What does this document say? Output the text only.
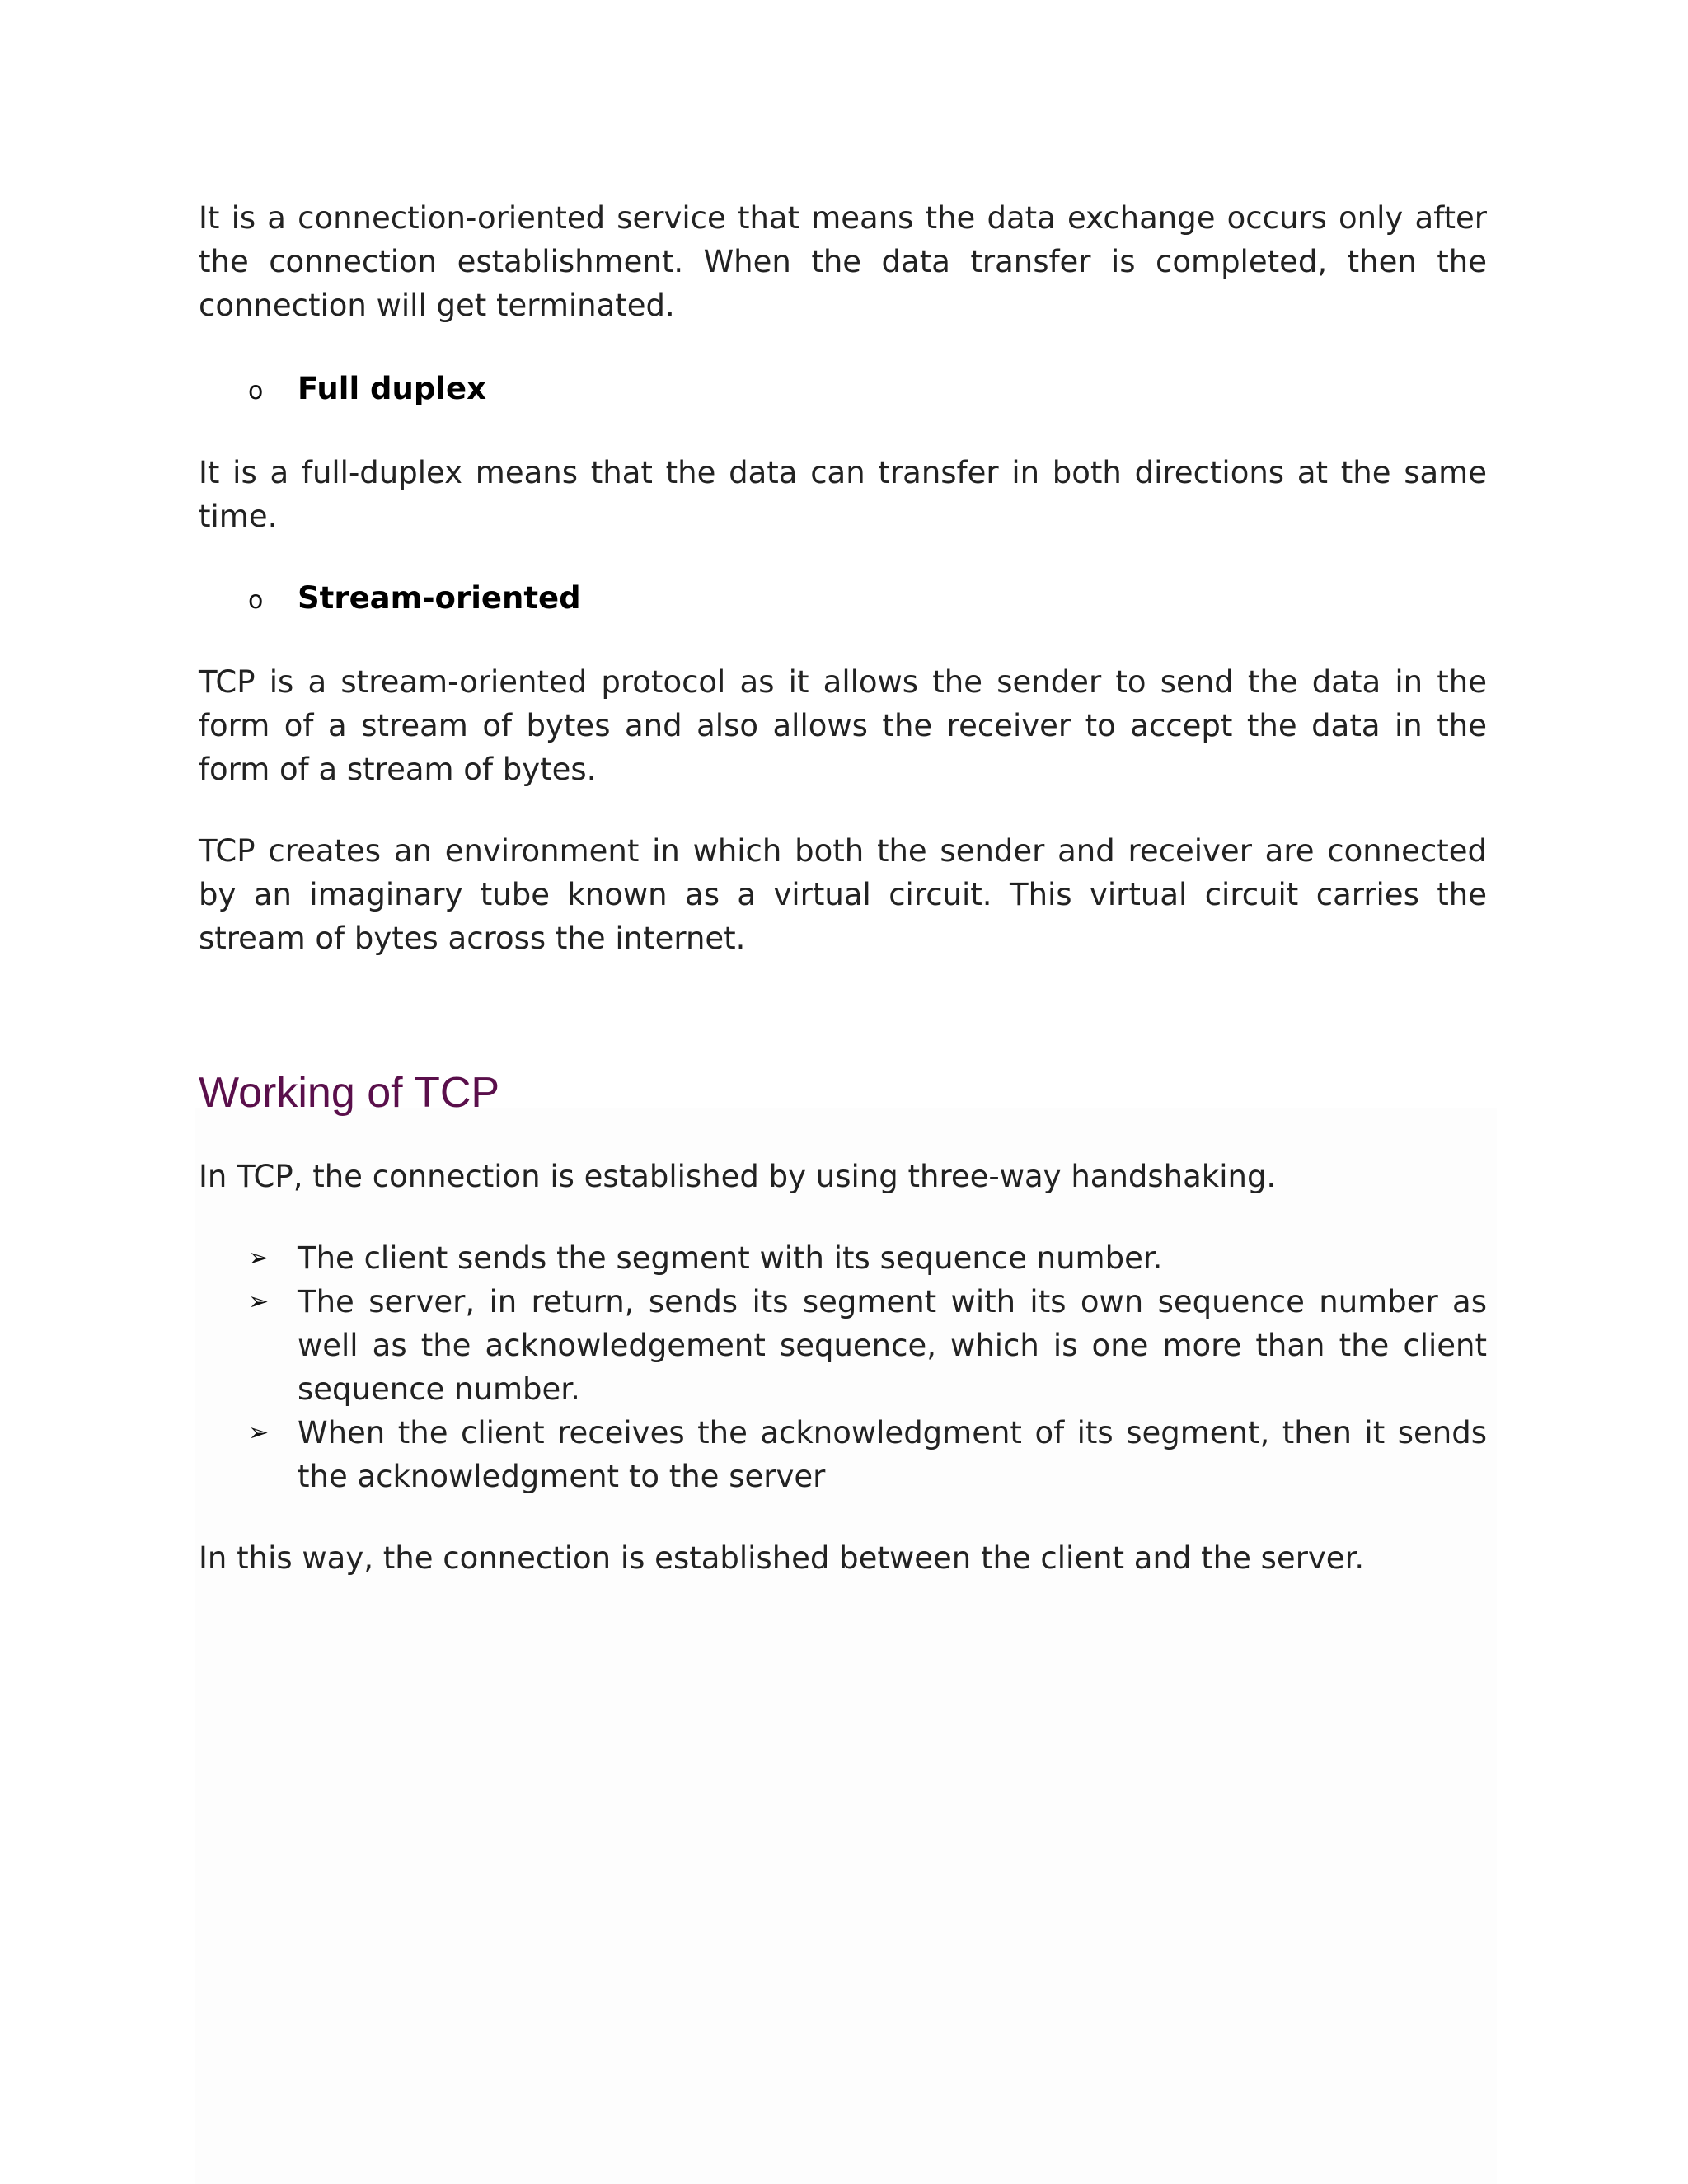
It is a connection-oriented service that means the data exchange occurs only after the connection establishment. When the data transfer is completed, then the connection will get terminated.

o	Full duplex

It is a full-duplex means that the data can transfer in both directions at the same time.

o	Stream-oriented

TCP is a stream-oriented protocol as it allows the sender to send the data in the form of a stream of bytes and also allows the receiver to accept the data in the form of a stream of bytes.

TCP creates an environment in which both the sender and receiver are connected by an imaginary tube known as a virtual circuit. This virtual circuit carries the stream of bytes across the internet.

Working of TCP

In TCP, the connection is established by using three-way handshaking.

➢ The client sends the segment with its sequence number.
➢ The server, in return, sends its segment with its own sequence number as well as the acknowledgement sequence, which is one more than the client sequence number.
➢ When the client receives the acknowledgment of its segment, then it sends the acknowledgment to the server

In this way, the connection is established between the client and the server.
